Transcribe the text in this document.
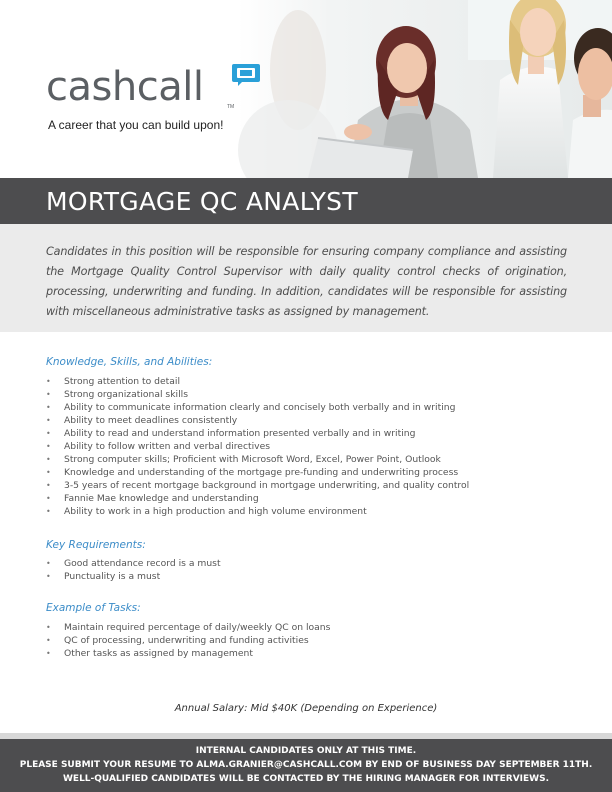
cashcall	TM
A career that you can build upon!
MORTGAGE QC ANALYST

Candidates in this position will be responsible for ensuring company compliance and assisting the Mortgage Quality Control Supervisor with daily quality control checks of origination, processing, underwriting and funding. In addition, candidates will be responsible for assisting with miscellaneous administrative tasks as assigned by management.

Knowledge, Skills, and Abilities:
• Strong attention to detail
• Strong organizational skills
• Ability to communicate information clearly and concisely both verbally and in writing
• Ability to meet deadlines consistently
• Ability to read and understand information presented verbally and in writing
• Ability to follow written and verbal directives
• Strong computer skills; Proficient with Microsoft Word, Excel, Power Point, Outlook
• Knowledge and understanding of the mortgage pre-funding and underwriting process
• 3-5 years of recent mortgage background in mortgage underwriting, and quality control
• Fannie Mae knowledge and understanding
• Ability to work in a high production and high volume environment
Key Requirements:
• Good attendance record is a must
• Punctuality is a must
Example of Tasks:
• Maintain required percentage of daily/weekly QC on loans
• QC of processing, underwriting and funding activities
• Other tasks as assigned by management
Annual Salary: Mid $40K (Depending on Experience)
INTERNAL CANDIDATES ONLY AT THIS TIME.
PLEASE SUBMIT YOUR RESUME TO ALMA.GRANIER@CASHCALL.COM BY END OF BUSINESS DAY SEPTEMBER 11TH.
WELL-QUALIFIED CANDIDATES WILL BE CONTACTED BY THE HIRING MANAGER FOR INTERVIEWS.
